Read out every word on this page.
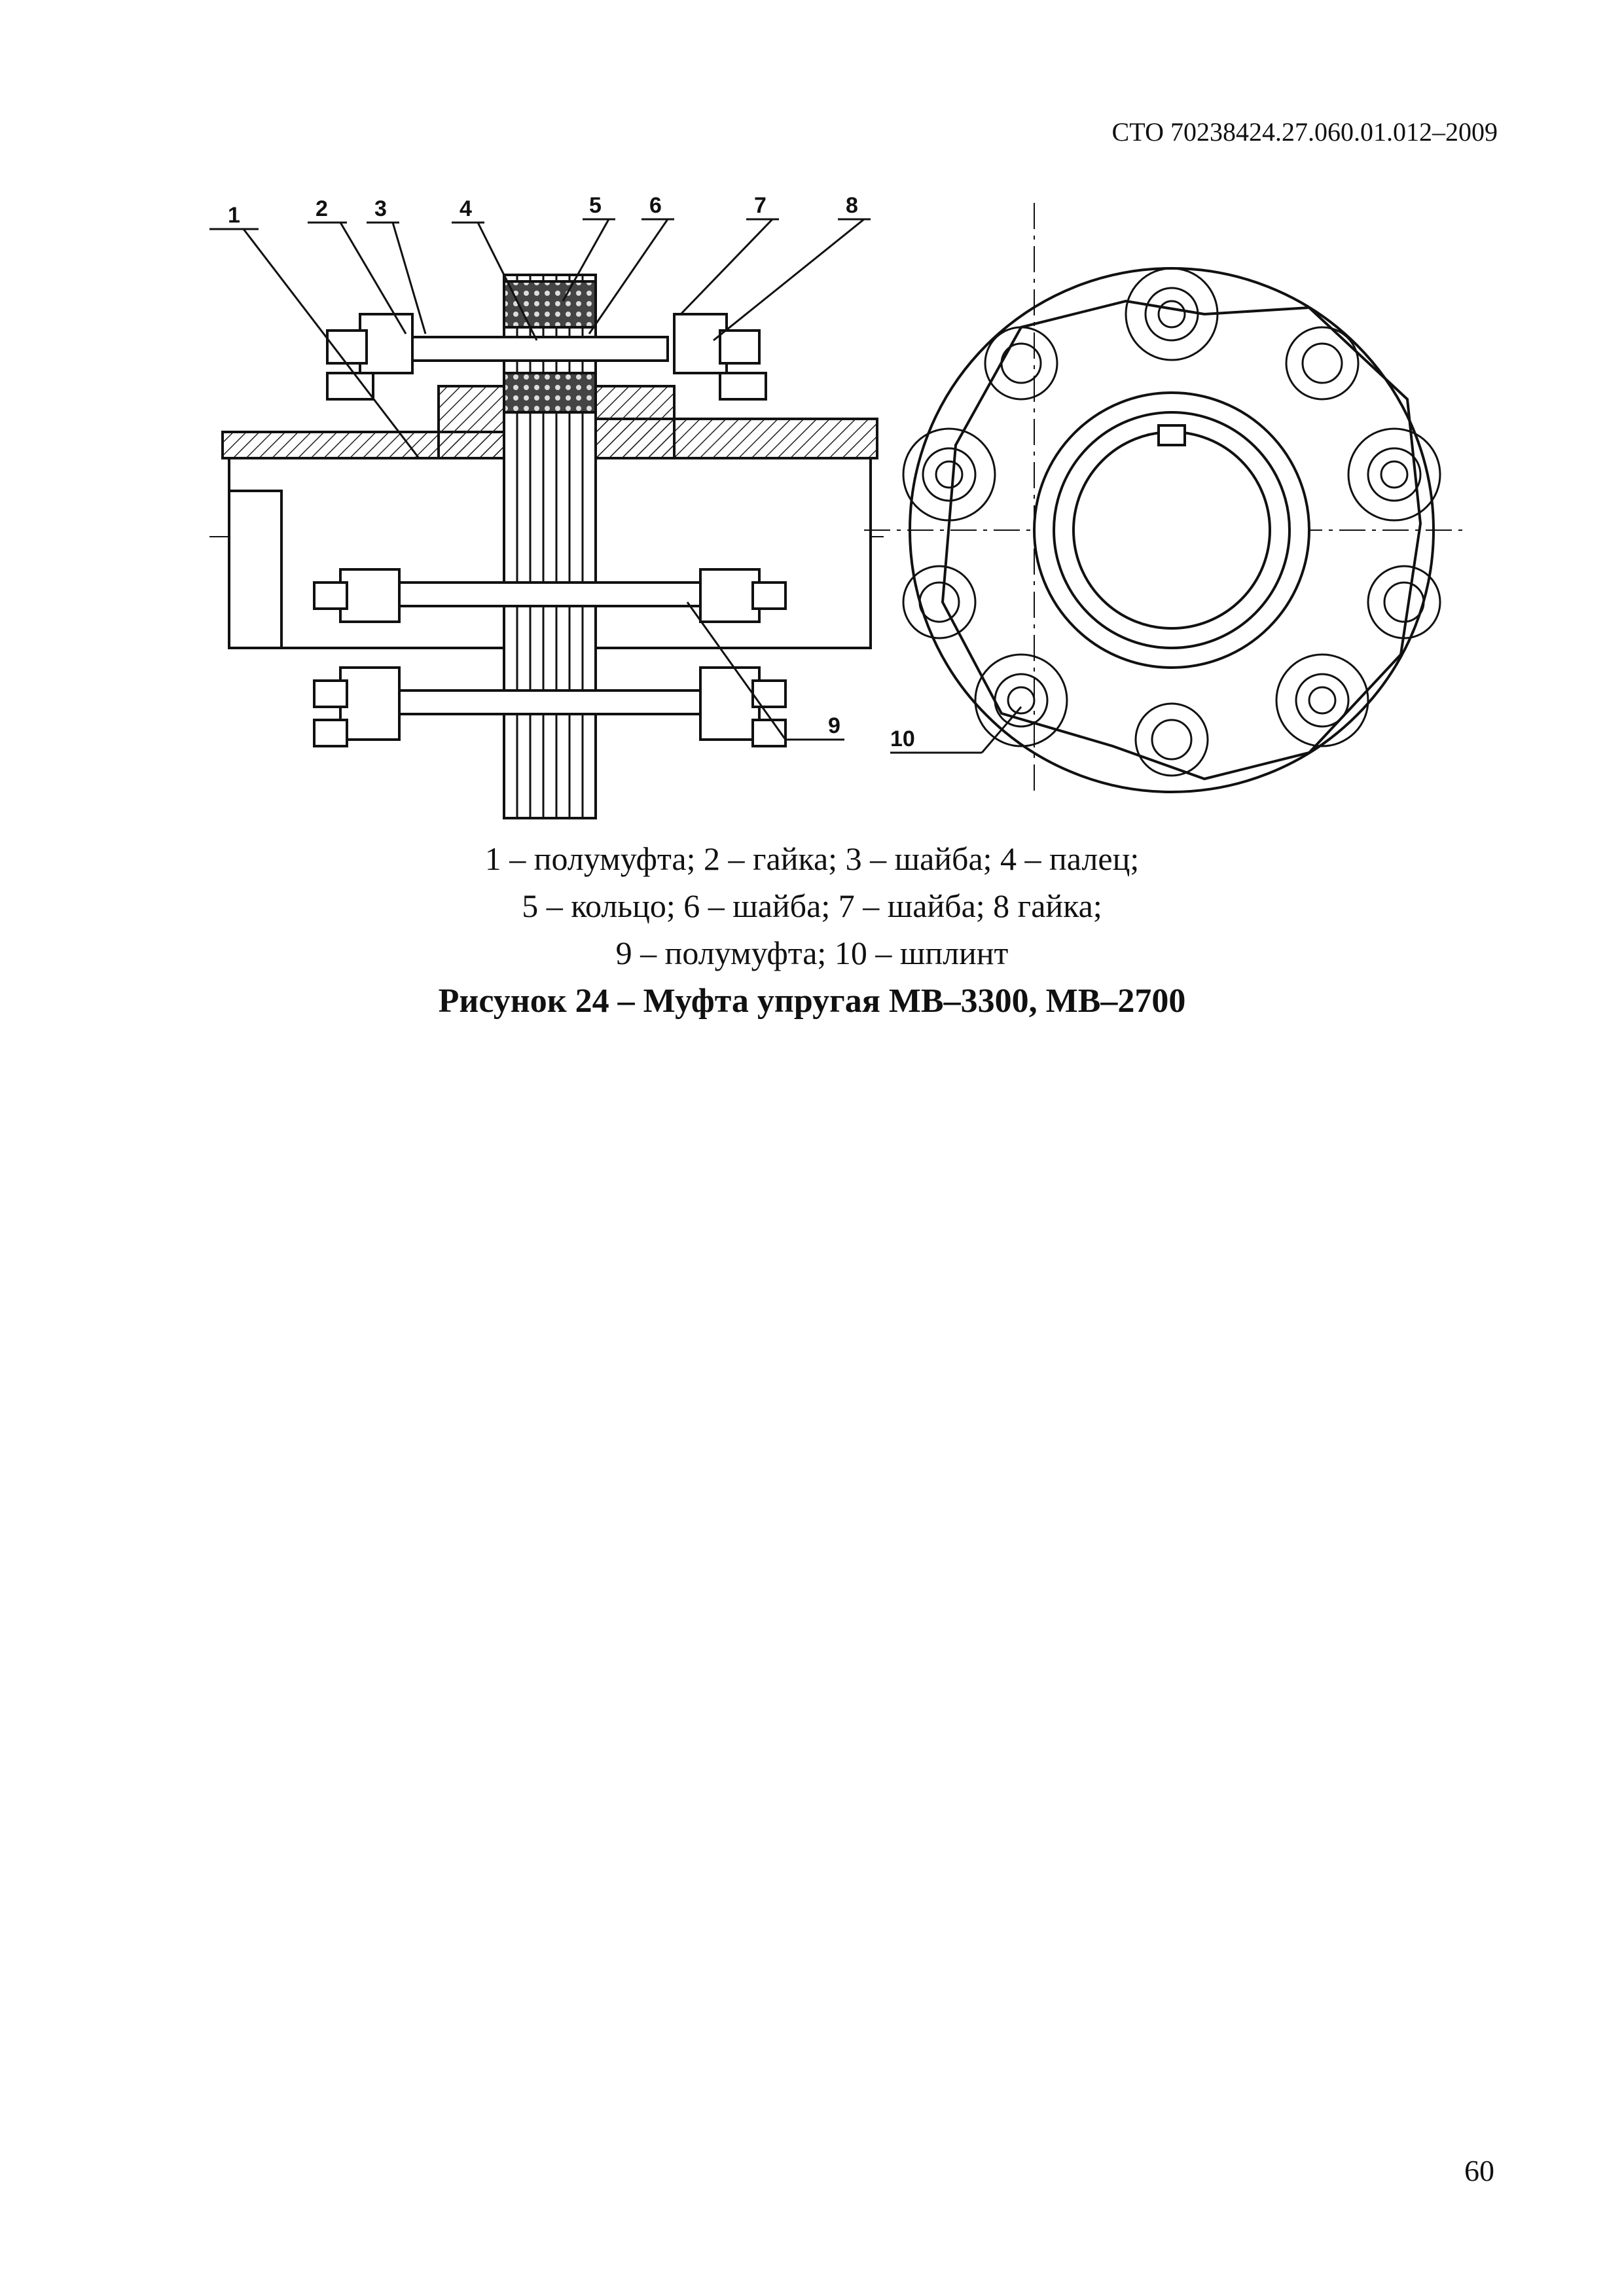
СТО 70238424.27.060.01.012–2009
1	2 3	4	5 6	7	8
9
10
1 – полумуфта; 2 – гайка; 3 – шайба; 4 – палец;
5 – кольцо; 6 – шайба; 7 – шайба; 8 гайка;
9 – полумуфта; 10 – шплинт
Рисунок 24 – Муфта упругая МВ–3300, МВ–2700
60
